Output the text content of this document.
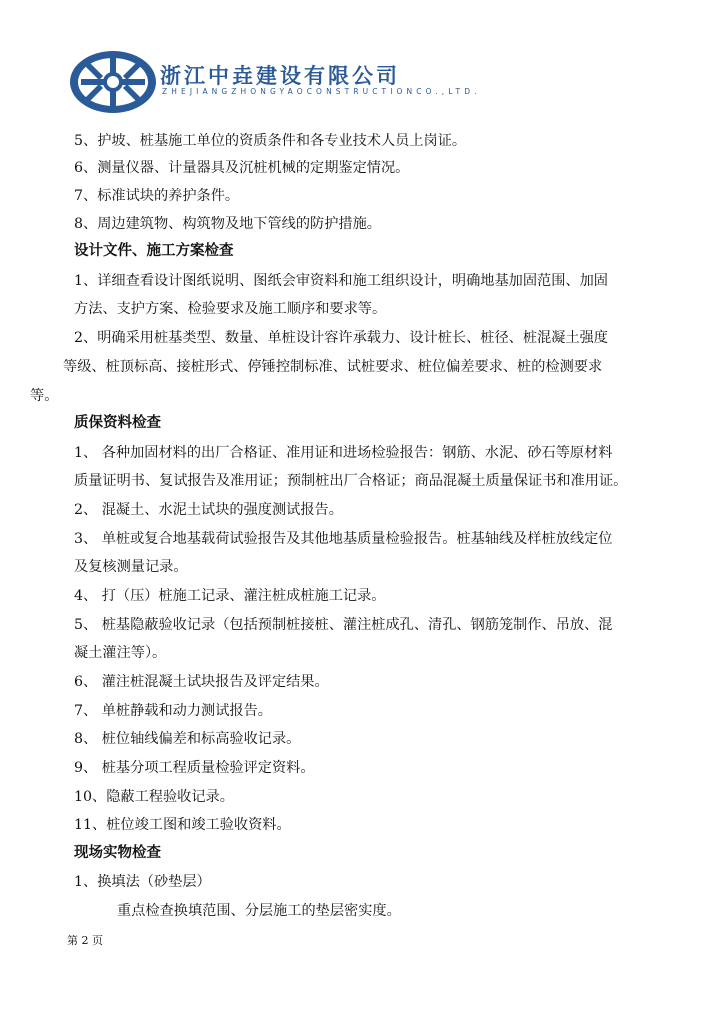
浙江中垚建设有限公司
ZHEJIANGZHONGYAOCONSTRUCTIONCO.,LTD.
5、护坡、桩基施工单位的资质条件和各专业技术人员上岗证。
6、测量仪器、计量器具及沉桩机械的定期鉴定情况。
7、标准试块的养护条件。
8、周边建筑物、构筑物及地下管线的防护措施。
设计文件、施工方案检查
1、详细查看设计图纸说明、图纸会审资料和施工组织设计，明确地基加固范围、加固
方法、支护方案、检验要求及施工顺序和要求等。
2、明确采用桩基类型、数量、单桩设计容许承载力、设计桩长、桩径、桩混凝土强度
等级、桩顶标高、接桩形式、停锤控制标准、试桩要求、桩位偏差要求、桩的检测要求
等。
质保资料检查
1、 各种加固材料的出厂合格证、准用证和进场检验报告：钢筋、水泥、砂石等原材料
质量证明书、复试报告及准用证；预制桩出厂合格证；商品混凝土质量保证书和准用证。
2、 混凝土、水泥土试块的强度测试报告。
3、 单桩或复合地基载荷试验报告及其他地基质量检验报告。桩基轴线及样桩放线定位
及复核测量记录。
4、 打（压）桩施工记录、灌注桩成桩施工记录。
5、 桩基隐蔽验收记录（包括预制桩接桩、灌注桩成孔、清孔、钢筋笼制作、吊放、混
凝土灌注等）。
6、 灌注桩混凝土试块报告及评定结果。
7、 单桩静载和动力测试报告。
8、 桩位轴线偏差和标高验收记录。
9、 桩基分项工程质量检验评定资料。
10、隐蔽工程验收记录。
11、桩位竣工图和竣工验收资料。
现场实物检查
1、换填法（砂垫层）
重点检查换填范围、分层施工的垫层密实度。
第 2 页
